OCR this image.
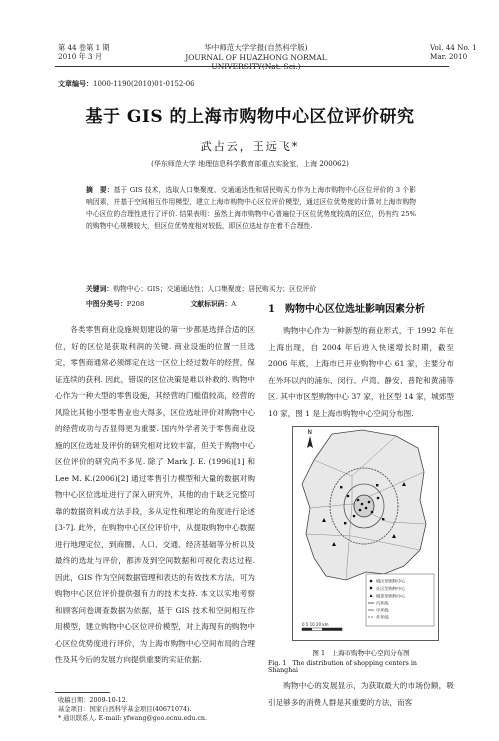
第 44 卷第 1 期
2010 年 3 月
华中师范大学学报(自然科学版)
JOURNAL OF HUAZHONG NORMAL UNIVERSITY(Nat. Sci.)
Vol. 44 No. 1
Mar. 2010
文章编号：1000-1190(2010)01-0152-06
基于 GIS 的上海市购物中心区位评价研究
武占云，王远飞*
(华东师范大学 地理信息科学教育部重点实验室，上海 200062)
摘　要：基于 GIS 技术，选取人口集聚度、交通通达性和居民购买力作为上海市购物中心区位评价的 3 个影响因素，并基于空间相互作用模型，建立上海市购物中心区位评价模型，通过区位优势度的计算对上海市购物中心区位的合理性进行了评价. 结果表明：虽然上海市购物中心普遍位于区位优势度较高的区位，仍有约 25% 的购物中心规模较大，但区位优势度相对较低，即区位选址存在着不合理性.
关键词：购物中心；GIS；交通通达性；人口集聚度；居民购买力；区位评价
中图分类号：P208	文献标识码：A
各类零售商业设施规划建设的第一步都是选择合适的区位，好的区位是获取利润的关键. 商业设施的位置一旦选定，零售商通常必须绑定在这一区位上经过数年的经营，保证连续的获利. 因此，错误的区位决策是难以补救的. 购物中心作为一种大型的零售设施，其经营的门槛值较高，经营的风险比其他小型零售业也大得多，区位选址评价对购物中心的经营成功与否显得更为重要. 国内外学者关于零售商业设施的区位选址及评价的研究相对比较丰富，但关于购物中心区位评价的研究尚不多见. 除了 Mark J. E. (1996)[1] 和 Lee M. K.(2006)[2] 通过零售引力模型和大量的数据对购物中心区位选址进行了深入研究外，其他的由于缺乏完整可靠的数据资料或方法手段，多从定性和理论的角度进行论述[3-7]. 此外，在购物中心区位评价中，从提取购物中心数据进行地理定位，到商圈、人口、交通、经济基础等分析以及最终的选址与评价，都涉及到空间数据和可视化表达过程. 因此，GIS 作为空间数据管理和表达的有效技术方法，可为购物中心区位评价提供强有力的技术支持. 本文以实地考察和顾客问卷调查数据为依据，基于 GIS 技术和空间相互作用模型，建立购物中心区位评价模型，对上海现有的购物中心区位优势度进行评价，为上海市购物中心空间布局的合理性及其今后的发展方向提供重要的实证依据.
1　购物中心区位选址影响因素分析
购物中心作为一种新型的商业形式，于 1992 年在上海出现，自 2004 年后进入快速增长时期，截至 2006 年底，上海市已开业购物中心 61 家，主要分布在外环以内的浦东、闵行、卢湾、静安、普陀和黄浦等区. 其中市区型购物中心 37 家，社区型 14 家，城郊型 10 家，图 1 是上海市购物中心空间分布图.
N
城区型购物中心
社区型购物中心
城郊型购物中心
内环线
中环线
外环线
0 5 10 20 km
图 1　上海市购物中心空间分布图
Fig. 1 The distribution of shopping centers in Shanghai
购物中心的发展显示，为获取最大的市场份额，吸引足够多的消费人群是其重要的方法，而客
收稿日期：2009-10-12.
基金项目：国家自然科学基金项目(40671074).
* 通讯联系人. E-mail: yfwang@geo.ecnu.edu.cn.
